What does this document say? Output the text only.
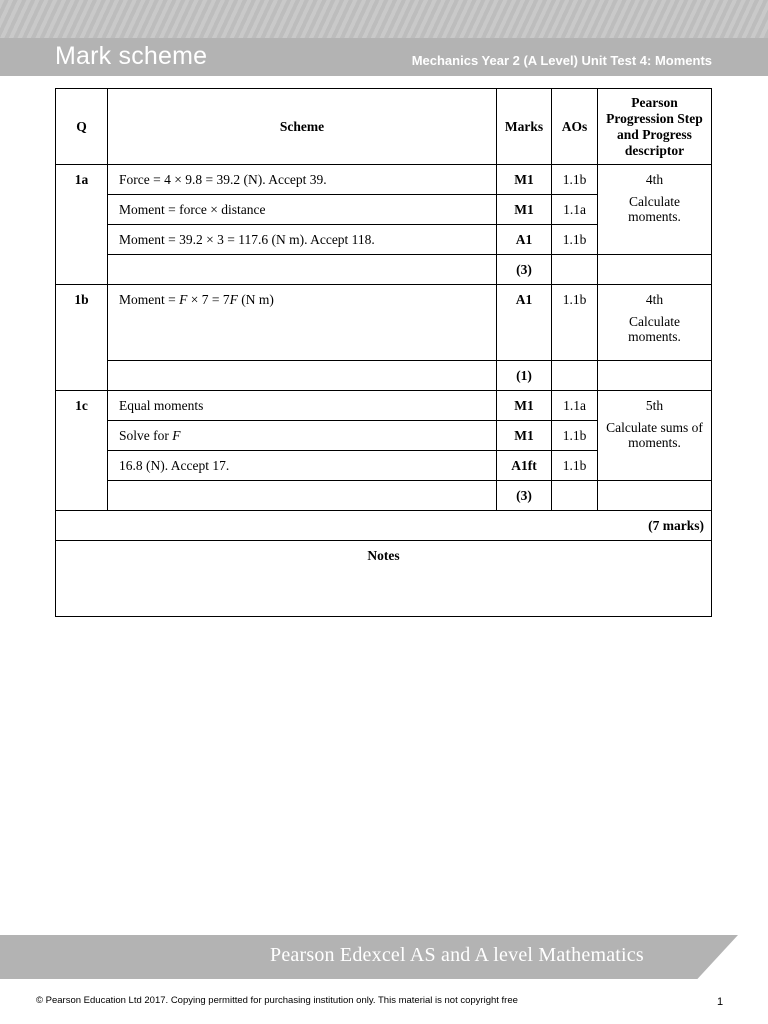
Mark scheme	Mechanics Year 2 (A Level) Unit Test 4: Moments
Q	Scheme	Marks	AOs	Pearson Progression Step and Progress descriptor
1a	Force = 4 × 9.8 = 39.2 (N). Accept 39.	M1	1.1b	4th
Calculate moments.
	Moment = force × distance	M1	1.1a	
	Moment = 39.2 × 3 = 117.6 (N m). Accept 118.	A1	1.1b	
		(3)		
1b	Moment = F × 7 = 7F (N m)	A1	1.1b	4th
Calculate moments.
		(1)		
1c	Equal moments	M1	1.1a	5th
Calculate sums of moments.
	Solve for F	M1	1.1b	
	16.8 (N). Accept 17.	A1ft	1.1b	
		(3)		
(7 marks)				
Notes				
Pearson Edexcel AS and A level Mathematics
© Pearson Education Ltd 2017. Copying permitted for purchasing institution only. This material is not copyright free	1
